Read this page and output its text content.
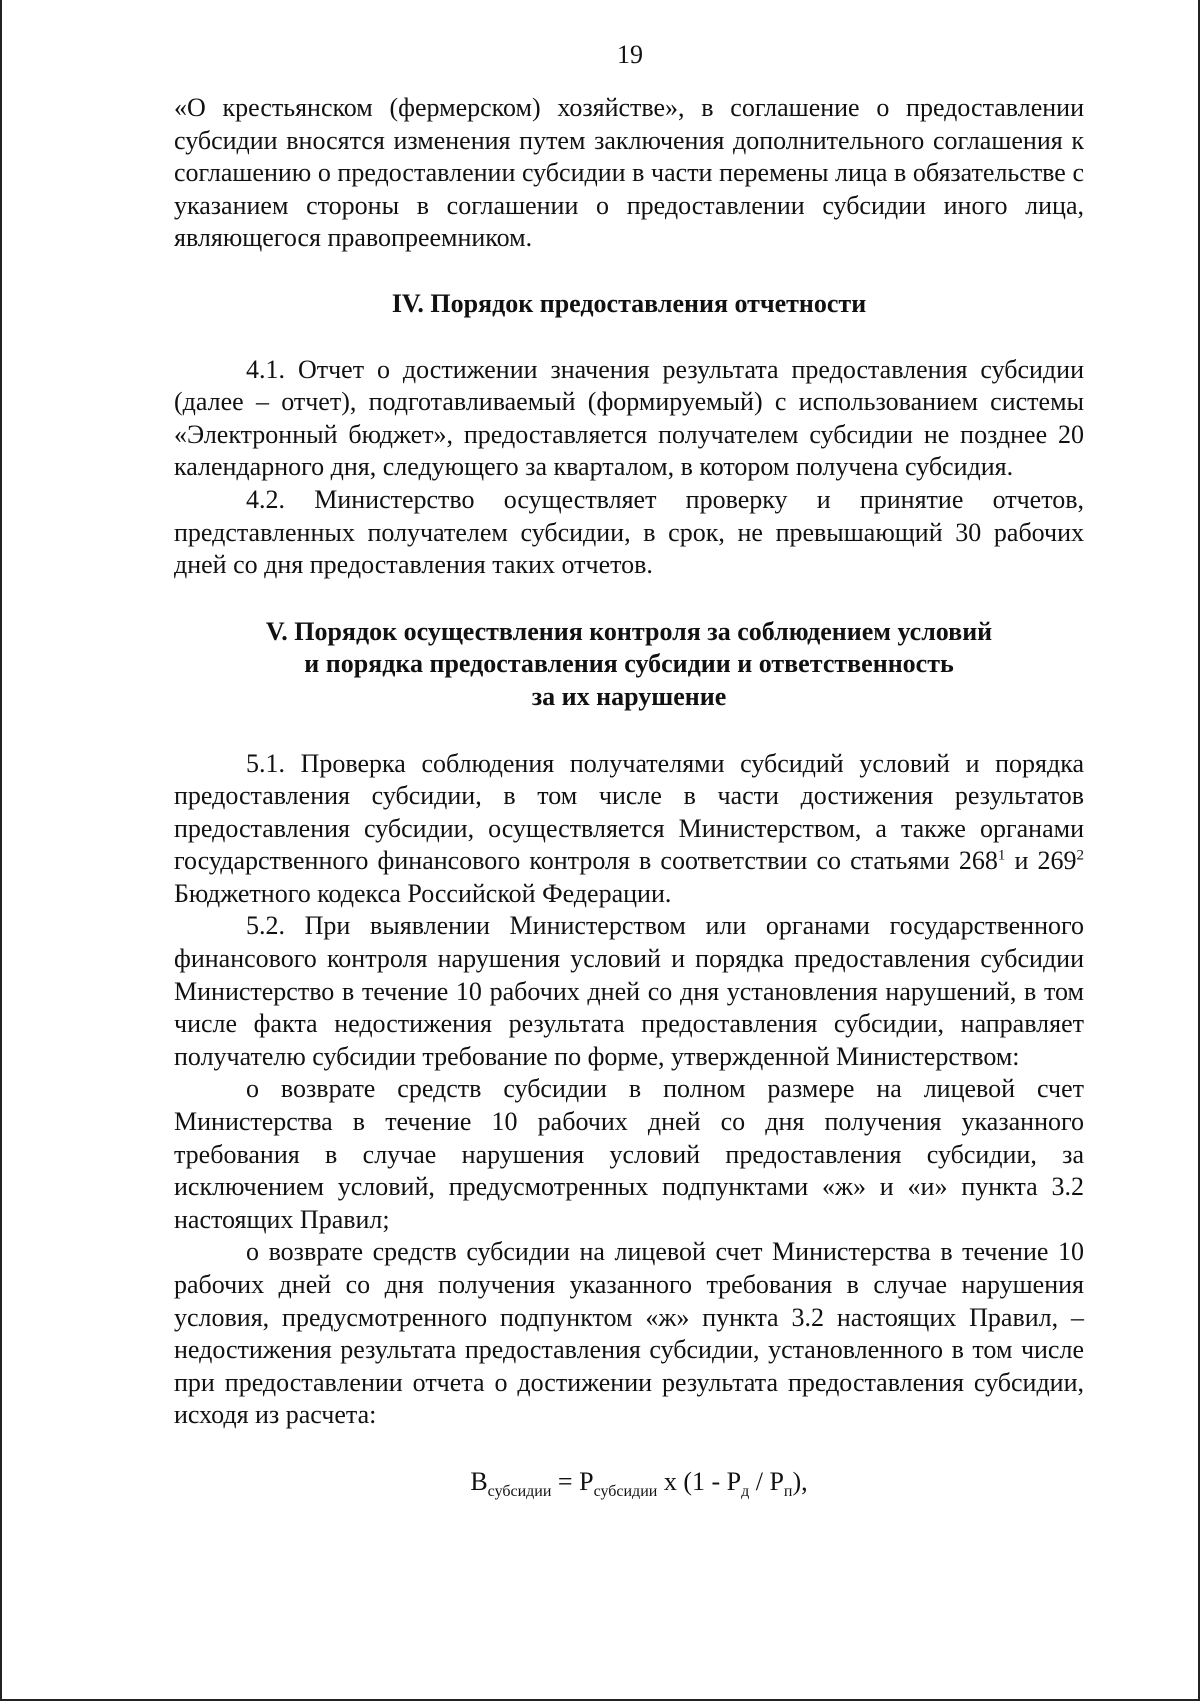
19

«О крестьянском (фермерском) хозяйстве», в соглашение о предоставлении субсидии вносятся изменения путем заключения дополнительного соглашения к соглашению о предоставлении субсидии в части перемены лица в обязательстве с указанием стороны в соглашении о предоставлении субсидии иного лица, являющегося правопреемником.

IV. Порядок предоставления отчетности

4.1. Отчет о достижении значения результата предоставления субсидии (далее – отчет), подготавливаемый (формируемый) с использованием системы «Электронный бюджет», предоставляется получателем субсидии не позднее 20 календарного дня, следующего за кварталом, в котором получена субсидия.

4.2. Министерство осуществляет проверку и принятие отчетов, представленных получателем субсидии, в срок, не превышающий 30 рабочих дней со дня предоставления таких отчетов.

V. Порядок осуществления контроля за соблюдением условий
и порядка предоставления субсидии и ответственность
за их нарушение

5.1. Проверка соблюдения получателями субсидий условий и порядка предоставления субсидии, в том числе в части достижения результатов предоставления субсидии, осуществляется Министерством, а также органами государственного финансового контроля в соответствии со статьями $268^1$ и $269^2$ Бюджетного кодекса Российской Федерации.

5.2. При выявлении Министерством или органами государственного финансового контроля нарушения условий и порядка предоставления субсидии Министерство в течение 10 рабочих дней со дня установления нарушений, в том числе факта недостижения результата предоставления субсидии, направляет получателю субсидии требование по форме, утвержденной Министерством:

о возврате средств субсидии в полном размере на лицевой счет Министерства в течение 10 рабочих дней со дня получения указанного требования в случае нарушения условий предоставления субсидии, за исключением условий, предусмотренных подпунктами «ж» и «и» пункта 3.2 настоящих Правил;

о возврате средств субсидии на лицевой счет Министерства в течение 10 рабочих дней со дня получения указанного требования в случае нарушения условия, предусмотренного подпунктом «ж» пункта 3.2 настоящих Правил, – недостижения результата предоставления субсидии, установленного в том числе при предоставлении отчета о достижении результата предоставления субсидии, исходя из расчета:

$В_{субсидии} = Р_{субсидии}$ х $(1 - Р_д / Р_п)$,
